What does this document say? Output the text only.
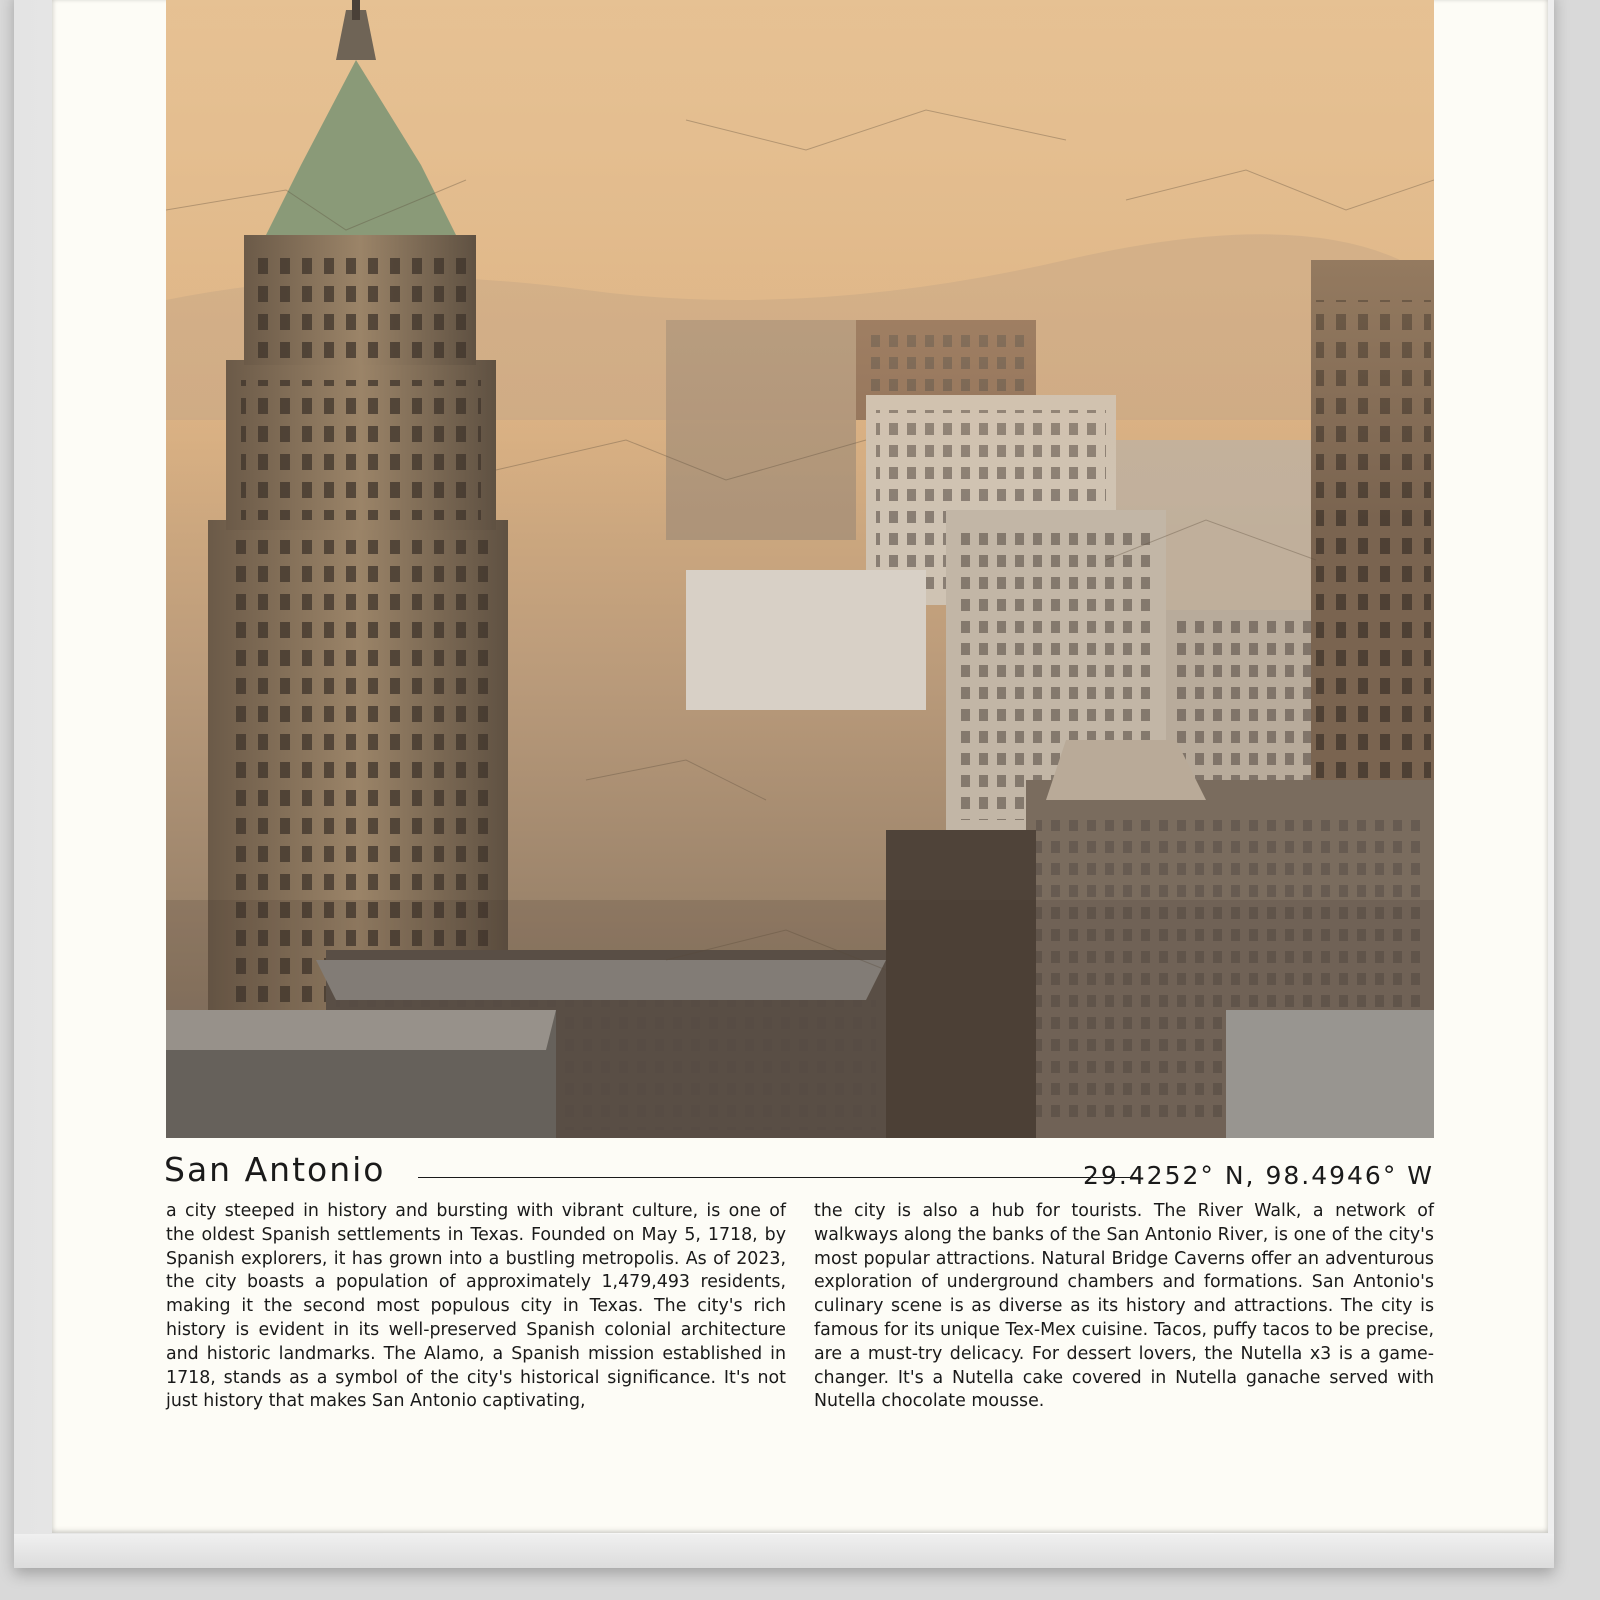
San Antonio	29.4252° N, 98.4946° W
a city steeped in history and bursting with vibrant culture, is one of the oldest Spanish settlements in Texas. Founded on May 5, 1718, by Spanish explorers, it has grown into a bustling metropolis. As of 2023, the city boasts a population of approximately 1,479,493 residents, making it the second most populous city in Texas. The city's rich history is evident in its well-preserved Spanish colonial architecture and historic landmarks. The Alamo, a Spanish mission established in 1718, stands as a symbol of the city's historical significance. It's not just history that makes San Antonio captivating,
the city is also a hub for tourists. The River Walk, a network of walkways along the banks of the San Antonio River, is one of the city's most popular attractions. Natural Bridge Caverns offer an adventurous exploration of underground chambers and formations. San Antonio's culinary scene is as diverse as its history and attractions. The city is famous for its unique Tex-Mex cuisine. Tacos, puffy tacos to be precise, are a must-try delicacy. For dessert lovers, the Nutella x3 is a game-changer. It's a Nutella cake covered in Nutella ganache served with Nutella chocolate mousse.
